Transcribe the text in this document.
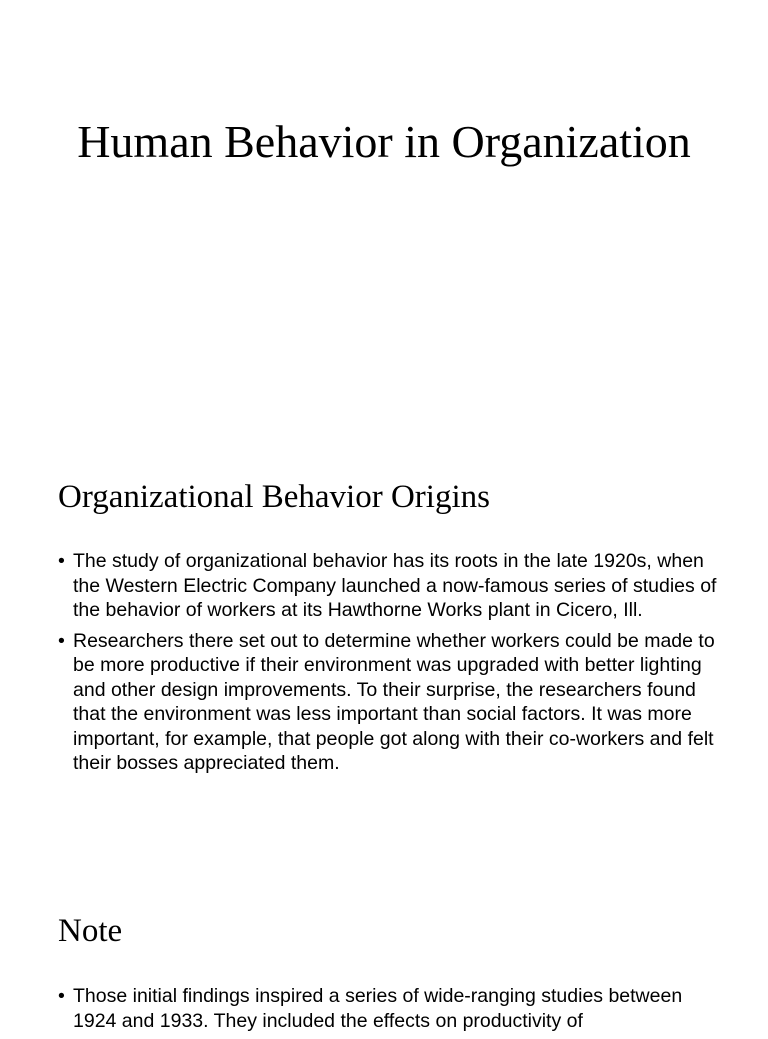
Human Behavior in Organization
Organizational Behavior Origins
• The study of organizational behavior has its roots in the late 1920s, when the Western Electric Company launched a now-famous series of studies of the behavior of workers at its Hawthorne Works plant in Cicero, Ill.
• Researchers there set out to determine whether workers could be made to be more productive if their environment was upgraded with better lighting and other design improvements. To their surprise, the researchers found that the environment was less important than social factors. It was more important, for example, that people got along with their co-workers and felt their bosses appreciated them.
Note
• Those initial findings inspired a series of wide-ranging studies between 1924 and 1933. They included the effects on productivity of
